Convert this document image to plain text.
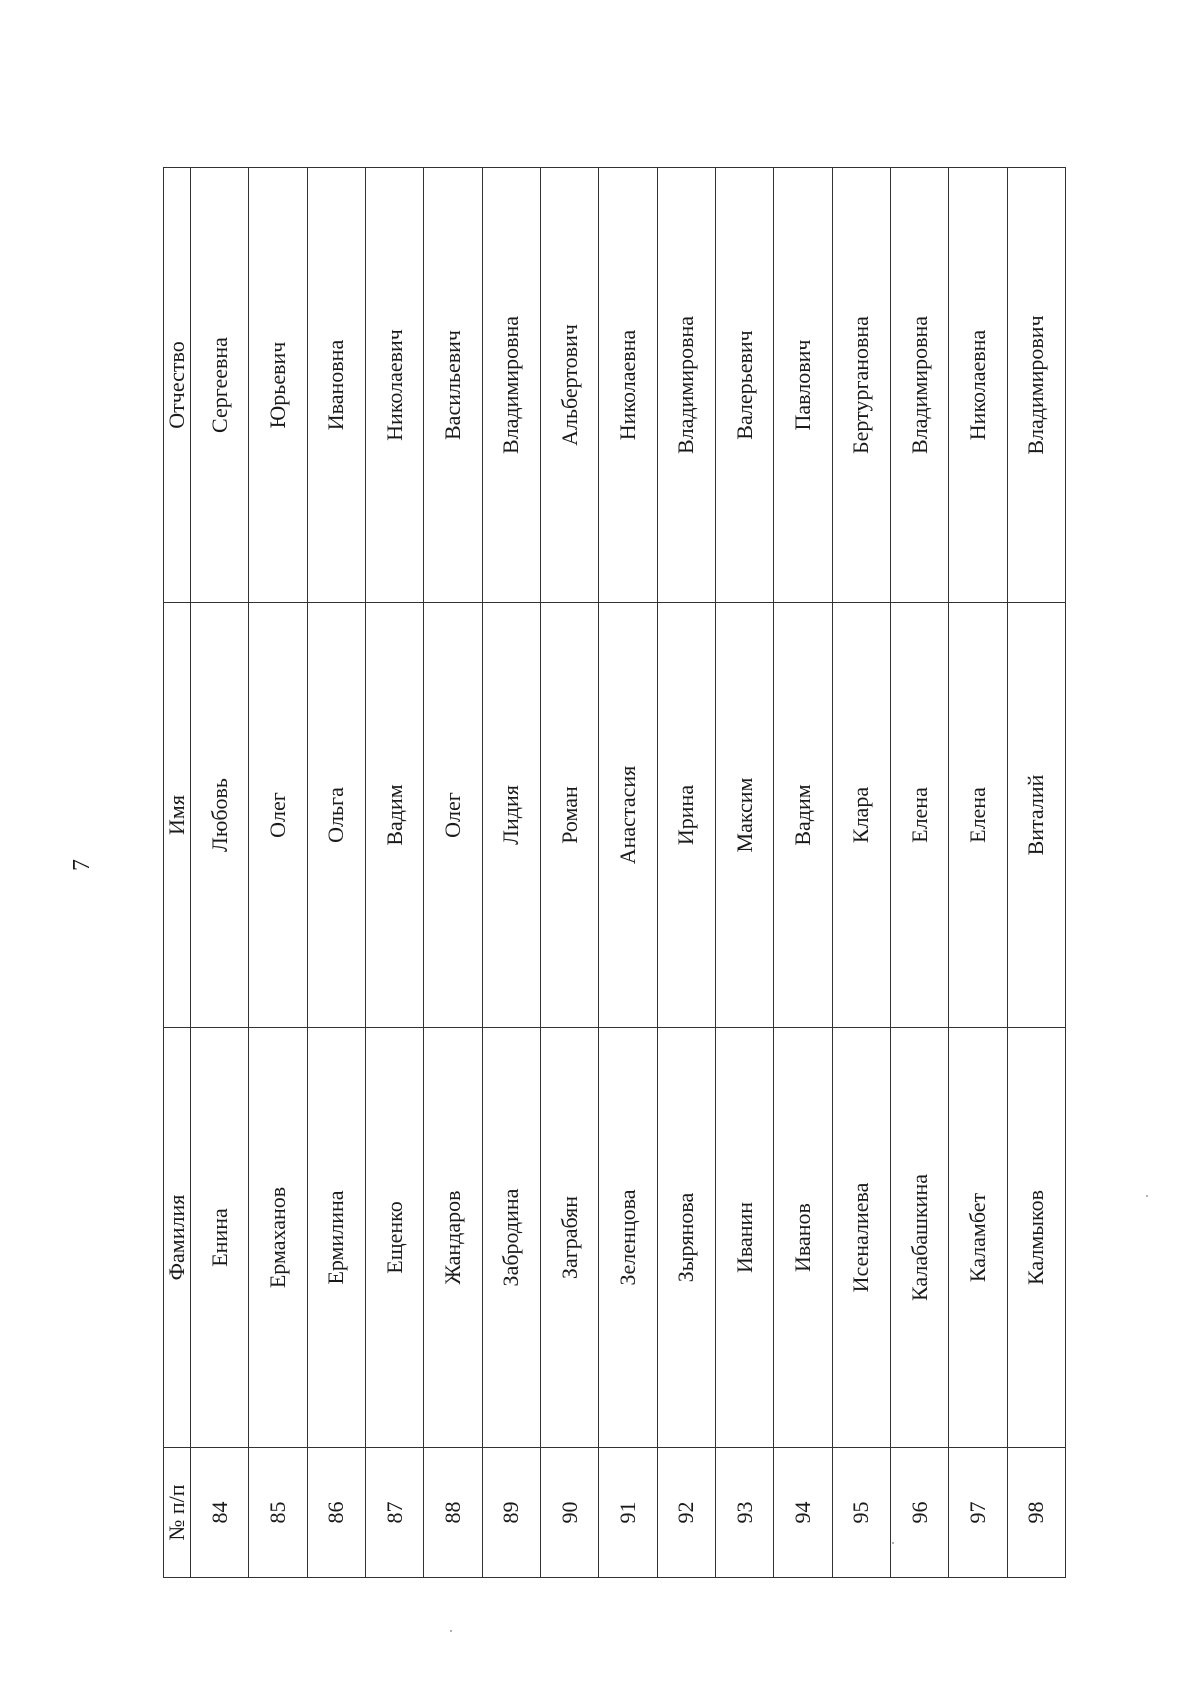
7
№ п/п	Фамилия	Имя	Отчество
84	Енина	Любовь	Сергеевна
85	Ермаханов	Олег	Юрьевич
86	Ермилина	Ольга	Ивановна
87	Ещенко	Вадим	Николаевич
88	Жандаров	Олег	Васильевич
89	Забродина	Лидия	Владимировна
90	Заграбян	Роман	Альбертович
91	Зеленцова	Анастасия	Николаевна
92	Зырянова	Ирина	Владимировна
93	Иванин	Максим	Валерьевич
94	Иванов	Вадим	Павлович
95	Исеналиева	Клара	Бертургановна
96	Калабашкина	Елена	Владимировна
97	Каламбет	Елена	Николаевна
98	Калмыков	Виталий	Владимирович
